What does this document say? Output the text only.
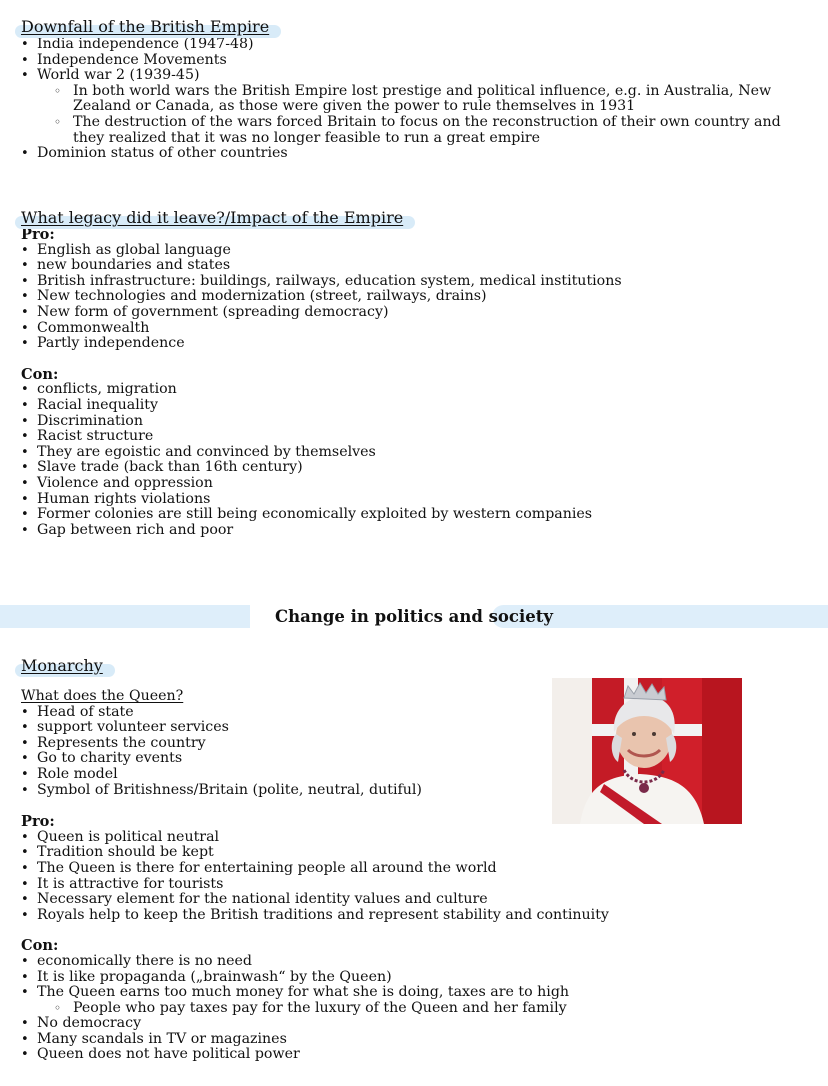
Downfall of the British Empire
• India independence (1947-48)
• Independence Movements
• World war 2 (1939-45)
◦ In both world wars the British Empire lost prestige and political influence, e.g. in Australia, New Zealand or Canada, as those were given the power to rule themselves in 1931
◦ The destruction of the wars forced Britain to focus on the reconstruction of their own country and they realized that it was no longer feasible to run a great empire
• Dominion status of other countries
What legacy did it leave?/Impact of the Empire
Pro:
• English as global language
• new boundaries and states
• British infrastructure: buildings, railways, education system, medical institutions
• New technologies and modernization (street, railways, drains)
• New form of government (spreading democracy)
• Commonwealth
• Partly independence
Con:
• conflicts, migration
• Racial inequality
• Discrimination
• Racist structure
• They are egoistic and convinced by themselves
• Slave trade (back than 16th century)
• Violence and oppression
• Human rights violations
• Former colonies are still being economically exploited by western companies
• Gap between rich and poor
Change in politics and society
Monarchy
What does the Queen?
• Head of state
• support volunteer services
• Represents the country
• Go to charity events
• Role model
• Symbol of Britishness/Britain (polite, neutral, dutiful)
Pro:
• Queen is political neutral
• Tradition should be kept
• The Queen is there for entertaining people all around the world
• It is attractive for tourists
• Necessary element for the national identity values and culture
• Royals help to keep the British traditions and represent stability and continuity
Con:
• economically there is no need
• It is like propaganda („brainwash“ by the Queen)
• The Queen earns too much money for what she is doing, taxes are to high
◦ People who pay taxes pay for the luxury of the Queen and her family
• No democracy
• Many scandals in TV or magazines
• Queen does not have political power
